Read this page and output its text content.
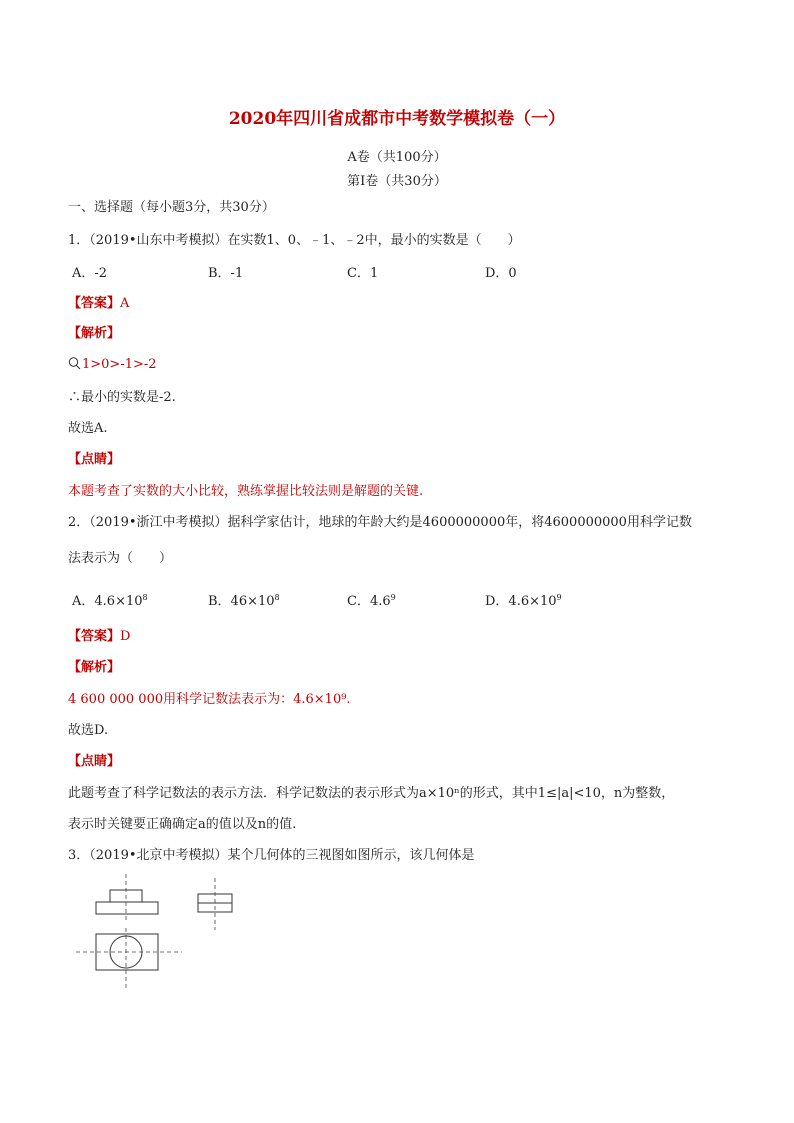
2020年四川省成都市中考数学模拟卷（一）
A卷（共100分）
第Ⅰ卷（共30分）
一、选择题（每小题3分，共30分）
1．（2019•山东中考模拟）在实数1、0、﹣1、﹣2中，最小的实数是（　　）
A．-2	B．-1	C．1	D．0
【答案】A
【解析】
1>0>-1>-2
∴最小的实数是-2.
故选A.
【点睛】
本题考查了实数的大小比较，熟练掌握比较法则是解题的关键.
2．（2019•浙江中考模拟）据科学家估计，地球的年龄大约是4600000000年，将4600000000用科学记数
法表示为（　　）
A．$4.6\times 10^8$	B．$46\times 10^8$	C．$4.6^9$	D．$4.6\times 10^9$
【答案】D
【解析】
4 600 000 000用科学记数法表示为：4.6×10⁹.
故选D.
【点睛】
此题考查了科学记数法的表示方法．科学记数法的表示形式为a×10ⁿ的形式，其中1≤|a|<10，n为整数，
表示时关键要正确确定a的值以及n的值.
3．（2019•北京中考模拟）某个几何体的三视图如图所示，该几何体是
